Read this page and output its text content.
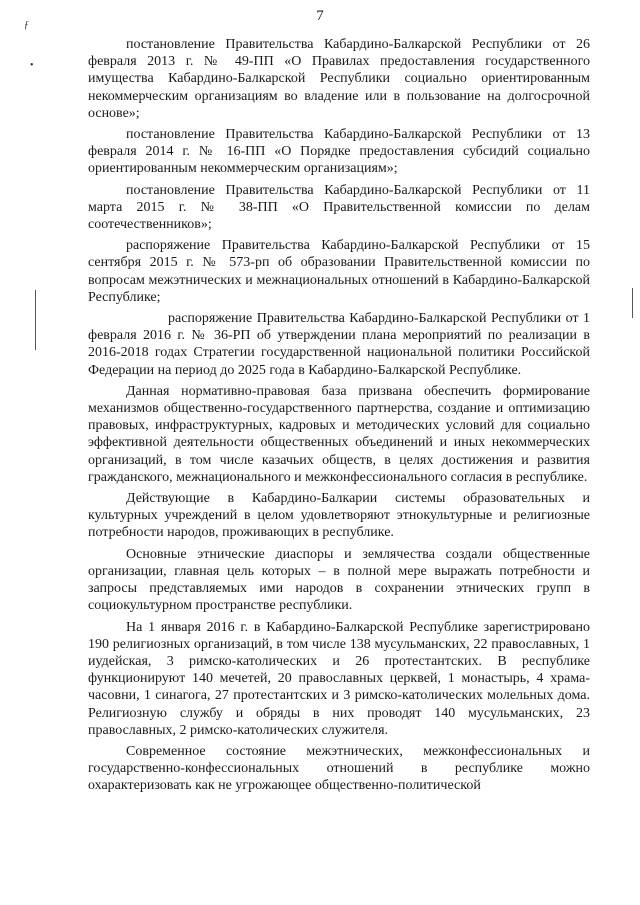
7
ƒ
•

постановление Правительства Кабардино-Балкарской Республики от 26 февраля 2013 г. № 49-ПП «О Правилах предоставления государственного имущества Кабардино-Балкарской Республики социально ориентированным некоммерческим организациям во владение или в пользование на долгосрочной основе»;

постановление Правительства Кабардино-Балкарской Республики от 13 февраля 2014 г. № 16-ПП «О Порядке предоставления субсидий социально ориентированным некоммерческим организациям»;

постановление Правительства Кабардино-Балкарской Республики от 11 марта 2015 г. № 38-ПП «О Правительственной комиссии по делам соотечественников»;

распоряжение Правительства Кабардино-Балкарской Республики от 15 сентября 2015 г. № 573-рп об образовании Правительственной комиссии по вопросам межэтнических и межнациональных отношений в Кабардино-Балкарской Республике;

распоряжение Правительства Кабардино-Балкарской Республики от 1 февраля 2016 г. № 36-РП об утверждении плана мероприятий по реализации в 2016-2018 годах Стратегии государственной национальной политики Российской Федерации на период до 2025 года в Кабардино-Балкарской Республике.

Данная нормативно-правовая база призвана обеспечить формирование механизмов общественно-государственного партнерства, создание и оптимизацию правовых, инфраструктурных, кадровых и методических условий для социально эффективной деятельности общественных объединений и иных некоммерческих организаций, в том числе казачьих обществ, в целях достижения и развития гражданского, межнационального и межконфессионального согласия в республике.

Действующие в Кабардино-Балкарии системы образовательных и культурных учреждений в целом удовлетворяют этнокультурные и религиозные потребности народов, проживающих в республике.

Основные этнические диаспоры и землячества создали общественные организации, главная цель которых – в полной мере выражать потребности и запросы представляемых ими народов в сохранении этнических групп в социокультурном пространстве республики.

На 1 января 2016 г. в Кабардино-Балкарской Республике зарегистрировано 190 религиозных организаций, в том числе 138 мусульманских, 22 православных, 1 иудейская, 3 римско-католических и 26 протестантских. В республике функционируют 140 мечетей, 20 православных церквей, 1 монастырь, 4 храма-часовни, 1 синагога, 27 протестантских и 3 римско-католических молельных дома. Религиозную службу и обряды в них проводят 140 мусульманских, 23 православных, 2 римско-католических служителя.

Современное состояние межэтнических, межконфессиональных и государственно-конфессиональных отношений в республике можно охарактеризовать как не угрожающее общественно-политической
